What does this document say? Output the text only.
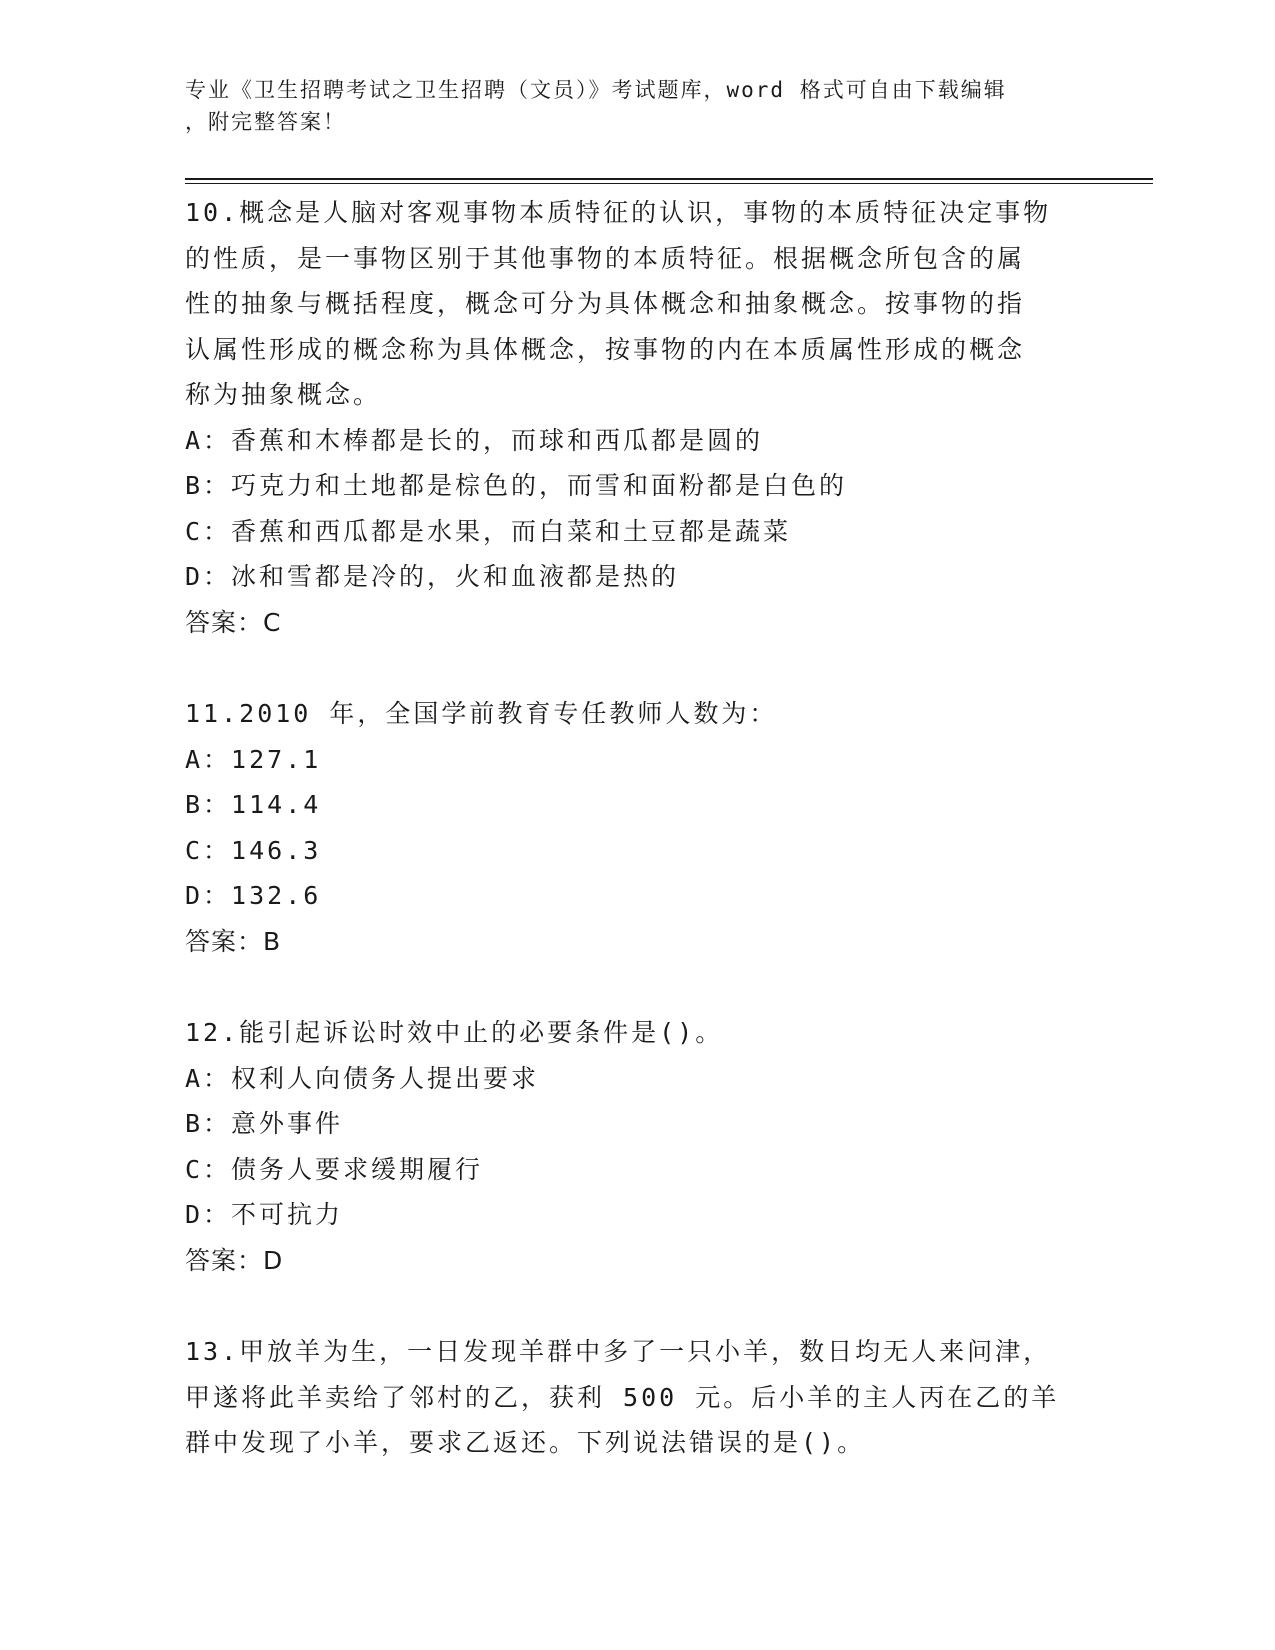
专业《卫生招聘考试之卫生招聘（文员）》考试题库，word 格式可自由下载编辑
，附完整答案！
10.概念是人脑对客观事物本质特征的认识，事物的本质特征决定事物
的性质，是一事物区别于其他事物的本质特征。根据概念所包含的属
性的抽象与概括程度，概念可分为具体概念和抽象概念。按事物的指
认属性形成的概念称为具体概念，按事物的内在本质属性形成的概念
称为抽象概念。
A：香蕉和木棒都是长的，而球和西瓜都是圆的
B：巧克力和土地都是棕色的，而雪和面粉都是白色的
C：香蕉和西瓜都是水果，而白菜和土豆都是蔬菜
D：冰和雪都是冷的，火和血液都是热的
答案：C
11.2010 年，全国学前教育专任教师人数为：
A：127.1
B：114.4
C：146.3
D：132.6
答案：B
12.能引起诉讼时效中止的必要条件是()。
A：权利人向债务人提出要求
B：意外事件
C：债务人要求缓期履行
D：不可抗力
答案：D
13.甲放羊为生，一日发现羊群中多了一只小羊，数日均无人来问津，
甲遂将此羊卖给了邻村的乙，获利 500 元。后小羊的主人丙在乙的羊
群中发现了小羊，要求乙返还。下列说法错误的是()。
